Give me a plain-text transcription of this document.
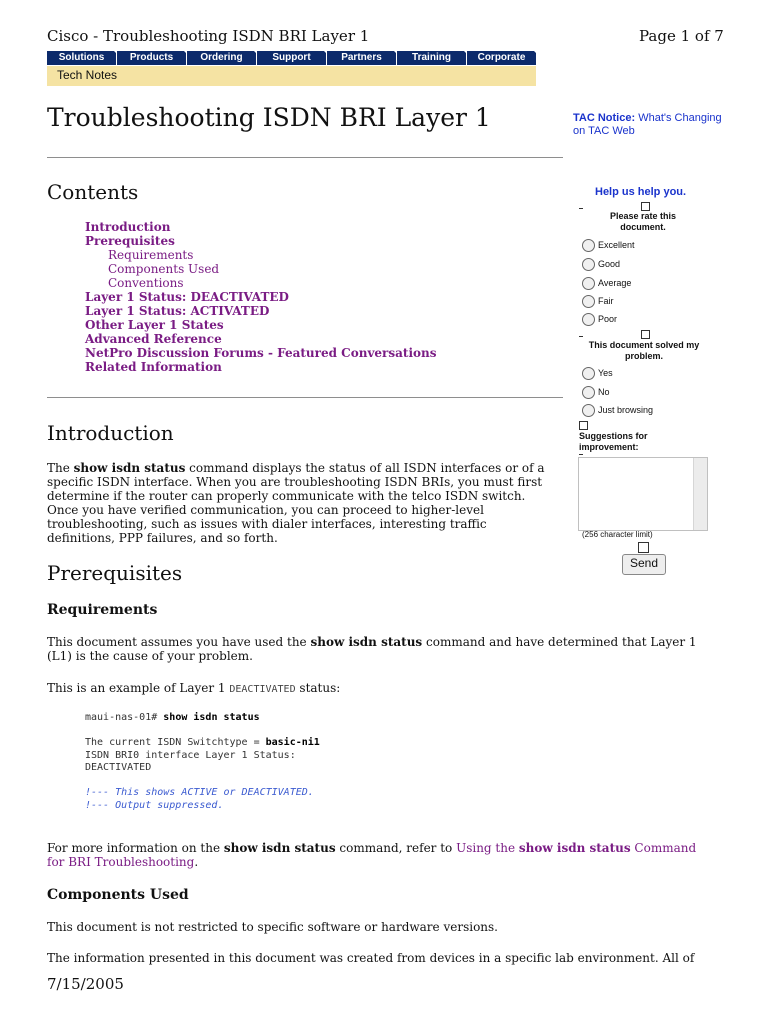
Cisco - Troubleshooting ISDN BRI Layer 1	Page 1 of 7
Solutions	Products	Ordering	Support	Partners	Training	Corporate
Tech Notes
Troubleshooting ISDN BRI Layer 1	TAC Notice: What's Changing on TAC Web
Contents
Introduction
Prerequisites
Requirements
Components Used
Conventions
Layer 1 Status: DEACTIVATED
Layer 1 Status: ACTIVATED
Other Layer 1 States
Advanced Reference
NetPro Discussion Forums - Featured Conversations
Related Information
Introduction
The show isdn status command displays the status of all ISDN interfaces or of a specific ISDN interface. When you are troubleshooting ISDN BRIs, you must first determine if the router can properly communicate with the telco ISDN switch. Once you have verified communication, you can proceed to higher-level troubleshooting, such as issues with dialer interfaces, interesting traffic definitions, PPP failures, and so forth.
Prerequisites
Requirements
This document assumes you have used the show isdn status command and have determined that Layer 1 (L1) is the cause of your problem.
This is an example of Layer 1 DEACTIVATED status:
maui-nas-01# show isdn status

The current ISDN Switchtype = basic-ni1
ISDN BRI0 interface Layer 1 Status:
DEACTIVATED

!--- This shows ACTIVE or DEACTIVATED.
!--- Output suppressed.
For more information on the show isdn status command, refer to Using the show isdn status Command for BRI Troubleshooting.
Components Used
This document is not restricted to specific software or hardware versions.
The information presented in this document was created from devices in a specific lab environment. All of
7/15/2005
Help us help you.
Please rate this document.
Excellent
Good
Average
Fair
Poor
This document solved my problem.
Yes
No
Just browsing
Suggestions for improvement:
(256 character limit)
Send
